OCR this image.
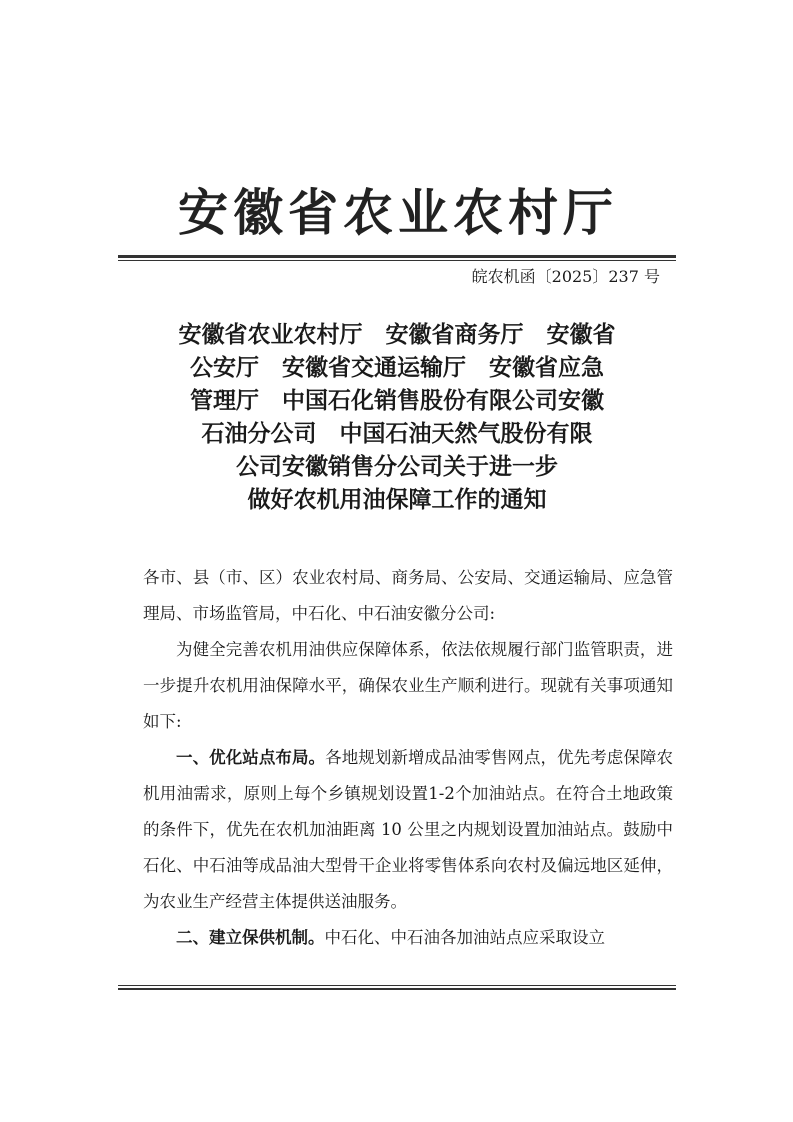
安徽省农业农村厅
皖农机函〔2025〕237 号
安徽省农业农村厅　安徽省商务厅　安徽省
公安厅　安徽省交通运输厅　安徽省应急
管理厅　中国石化销售股份有限公司安徽
石油分公司　中国石油天然气股份有限
公司安徽销售分公司关于进一步
做好农机用油保障工作的通知

各市、县（市、区）农业农村局、商务局、公安局、交通运输局、应急管理局、市场监管局，中石化、中石油安徽分公司:

为健全完善农机用油供应保障体系，依法依规履行部门监管职责，进一步提升农机用油保障水平，确保农业生产顺利进行。现就有关事项通知如下:

一、优化站点布局。各地规划新增成品油零售网点，优先考虑保障农机用油需求，原则上每个乡镇规划设置1-2个加油站点。在符合土地政策的条件下，优先在农机加油距离 10 公里之内规划设置加油站点。鼓励中石化、中石油等成品油大型骨干企业将零售体系向农村及偏远地区延伸，为农业生产经营主体提供送油服务。

二、建立保供机制。中石化、中石油各加油站点应采取设立
